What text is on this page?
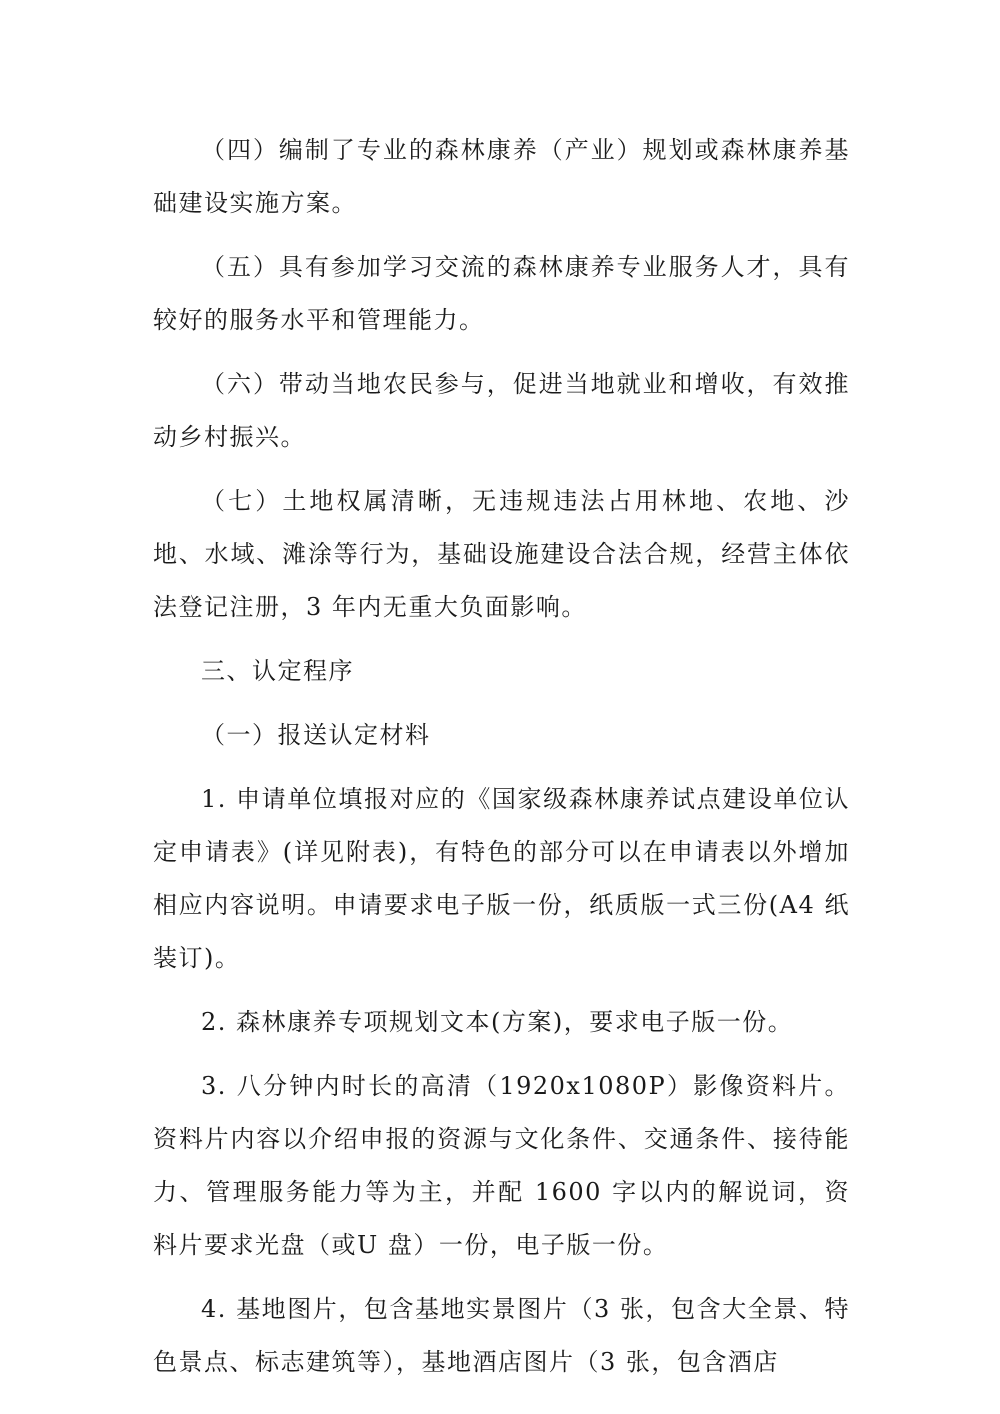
（四）编制了专业的森林康养（产业）规划或森林康养基础建设实施方案。

（五）具有参加学习交流的森林康养专业服务人才，具有较好的服务水平和管理能力。

（六）带动当地农民参与，促进当地就业和增收，有效推动乡村振兴。

（七）土地权属清晰，无违规违法占用林地、农地、沙地、水域、滩涂等行为，基础设施建设合法合规，经营主体依法登记注册，3 年内无重大负面影响。

三、认定程序

（一）报送认定材料

1. 申请单位填报对应的《国家级森林康养试点建设单位认定申请表》(详见附表)，有特色的部分可以在申请表以外增加相应内容说明。申请要求电子版一份，纸质版一式三份(A4 纸装订)。

2. 森林康养专项规划文本(方案)，要求电子版一份。

3. 八分钟内时长的高清（1920x1080P）影像资料片。资料片内容以介绍申报的资源与文化条件、交通条件、接待能力、管理服务能力等为主，并配 1600 字以内的解说词，资料片要求光盘（或U 盘）一份，电子版一份。

4. 基地图片，包含基地实景图片（3 张，包含大全景、特色景点、标志建筑等），基地酒店图片（3 张，包含酒店
